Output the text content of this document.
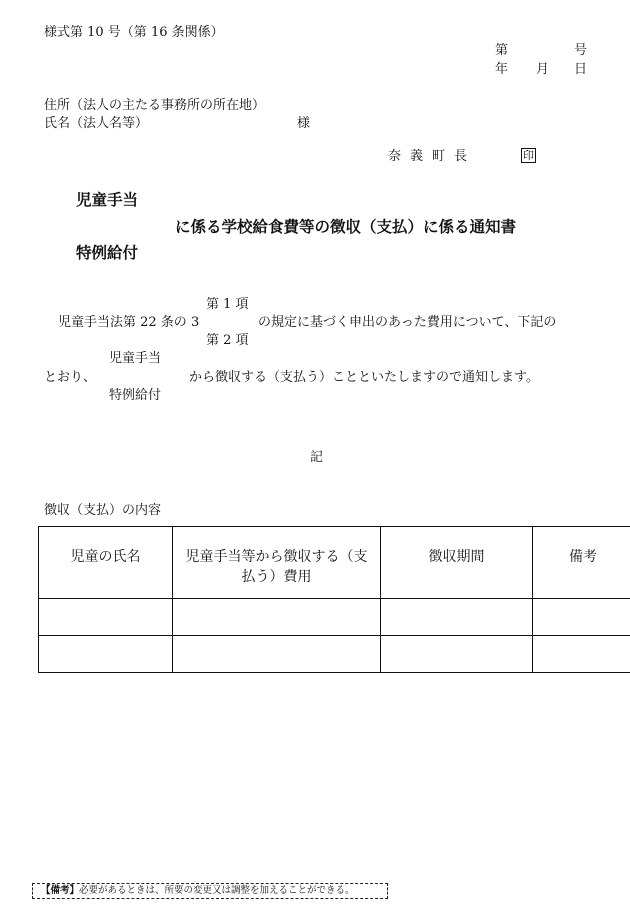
様式第 10 号（第 16 条関係）
第	号
年 月 日
住所（法人の主たる事務所の所在地）
氏名（法人名等）	様
奈義町長	印
児童手当
に係る学校給食費等の徴収（支払）に係る通知書
特例給付
第 1 項
児童手当法第 22 条の 3	の規定に基づく申出のあった費用について、下記の
第 2 項
児童手当
とおり、	から徴収する（支払う）ことといたしますので通知します。
特例給付
記
徴収（支払）の内容
児童の氏名	児童手当等から徴収する（支払う）費用	徴収期間	備考

【備考】必要があるときは、所要の変更又は調整を加えることができる。
